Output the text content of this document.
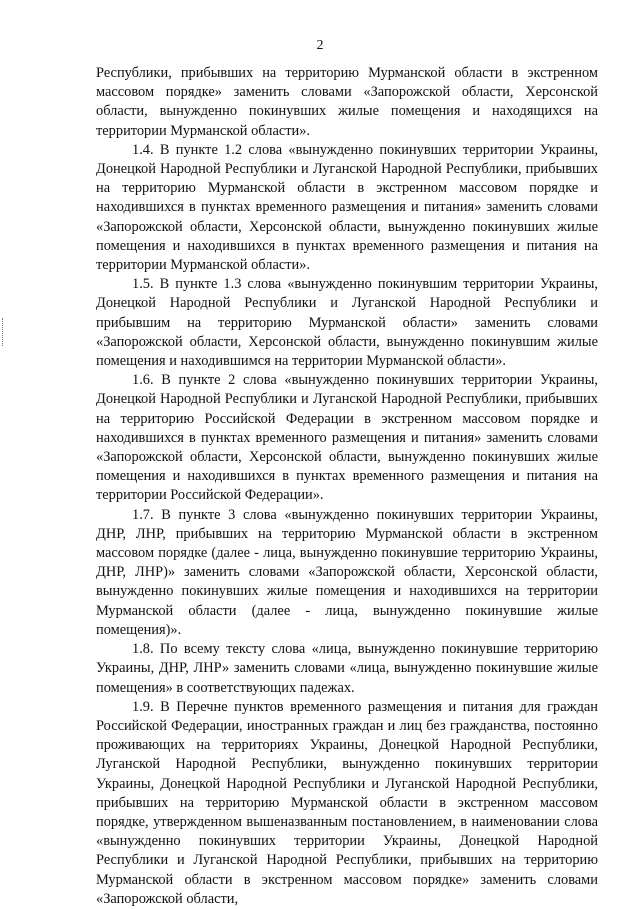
2

Республики, прибывших на территорию Мурманской области в экстренном массовом порядке» заменить словами «Запорожской области, Херсонской области, вынужденно покинувших жилые помещения и находящихся на территории Мурманской области».

1.4. В пункте 1.2 слова «вынужденно покинувших территории Украины, Донецкой Народной Республики и Луганской Народной Республики, прибывших на территорию Мурманской области в экстренном массовом порядке и находившихся в пунктах временного размещения и питания» заменить словами «Запорожской области, Херсонской области, вынужденно покинувших жилые помещения и находившихся в пунктах временного размещения и питания на территории Мурманской области».

1.5. В пункте 1.3 слова «вынужденно покинувшим территории Украины, Донецкой Народной Республики и Луганской Народной Республики и прибывшим на территорию Мурманской области» заменить словами «Запорожской области, Херсонской области, вынужденно покинувшим жилые помещения и находившимся на территории Мурманской области».

1.6. В пункте 2 слова «вынужденно покинувших территории Украины, Донецкой Народной Республики и Луганской Народной Республики, прибывших на территорию Российской Федерации в экстренном массовом порядке и находившихся в пунктах временного размещения и питания» заменить словами «Запорожской области, Херсонской области, вынужденно покинувших жилые помещения и находившихся в пунктах временного размещения и питания на территории Российской Федерации».

1.7. В пункте 3 слова «вынужденно покинувших территории Украины, ДНР, ЛНР, прибывших на территорию Мурманской области в экстренном массовом порядке (далее - лица, вынужденно покинувшие территорию Украины, ДНР, ЛНР)» заменить словами «Запорожской области, Херсонской области, вынужденно покинувших жилые помещения и находившихся на территории Мурманской области (далее - лица, вынужденно покинувшие жилые помещения)».

1.8. По всему тексту слова «лица, вынужденно покинувшие территорию Украины, ДНР, ЛНР» заменить словами «лица, вынужденно покинувшие жилые помещения» в соответствующих падежах.

1.9. В Перечне пунктов временного размещения и питания для граждан Российской Федерации, иностранных граждан и лиц без гражданства, постоянно проживающих на территориях Украины, Донецкой Народной Республики, Луганской Народной Республики, вынужденно покинувших территории Украины, Донецкой Народной Республики и Луганской Народной Республики, прибывших на территорию Мурманской области в экстренном массовом порядке, утвержденном вышеназванным постановлением, в наименовании слова «вынужденно покинувших территории Украины, Донецкой Народной Республики и Луганской Народной Республики, прибывших на территорию Мурманской области в экстренном массовом порядке» заменить словами «Запорожской области,
